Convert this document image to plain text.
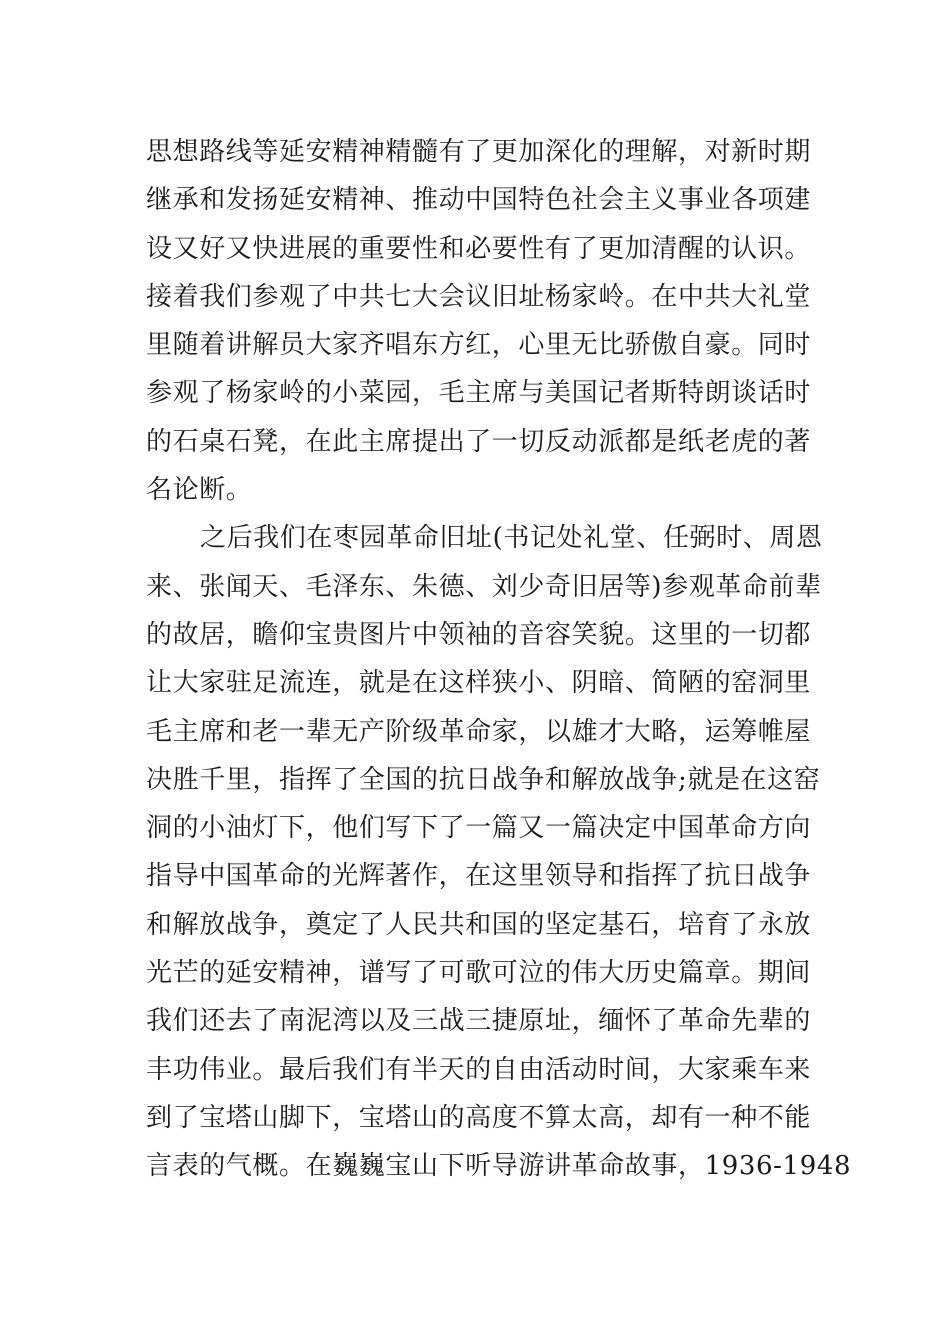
思想路线等延安精神精髓有了更加深化的理解，对新时期
继承和发扬延安精神、推动中国特色社会主义事业各项建
设又好又快进展的重要性和必要性有了更加清醒的认识。
接着我们参观了中共七大会议旧址杨家岭。在中共大礼堂
里随着讲解员大家齐唱东方红，心里无比骄傲自豪。同时
参观了杨家岭的小菜园，毛主席与美国记者斯特朗谈话时
的石桌石凳，在此主席提出了一切反动派都是纸老虎的著
名论断。
之后我们在枣园革命旧址(书记处礼堂、任弼时、周恩
来、张闻天、毛泽东、朱德、刘少奇旧居等)参观革命前辈
的故居，瞻仰宝贵图片中领袖的音容笑貌。这里的一切都
让大家驻足流连，就是在这样狭小、阴暗、简陋的窑洞里
毛主席和老一辈无产阶级革命家，以雄才大略，运筹帷屋
决胜千里，指挥了全国的抗日战争和解放战争;就是在这窑
洞的小油灯下，他们写下了一篇又一篇决定中国革命方向
指导中国革命的光辉著作，在这里领导和指挥了抗日战争
和解放战争，奠定了人民共和国的坚定基石，培育了永放
光芒的延安精神，谱写了可歌可泣的伟大历史篇章。期间
我们还去了南泥湾以及三战三捷原址，缅怀了革命先辈的
丰功伟业。最后我们有半天的自由活动时间，大家乘车来
到了宝塔山脚下，宝塔山的高度不算太高，却有一种不能
言表的气概。在巍巍宝山下听导游讲革命故事，1936-1948
